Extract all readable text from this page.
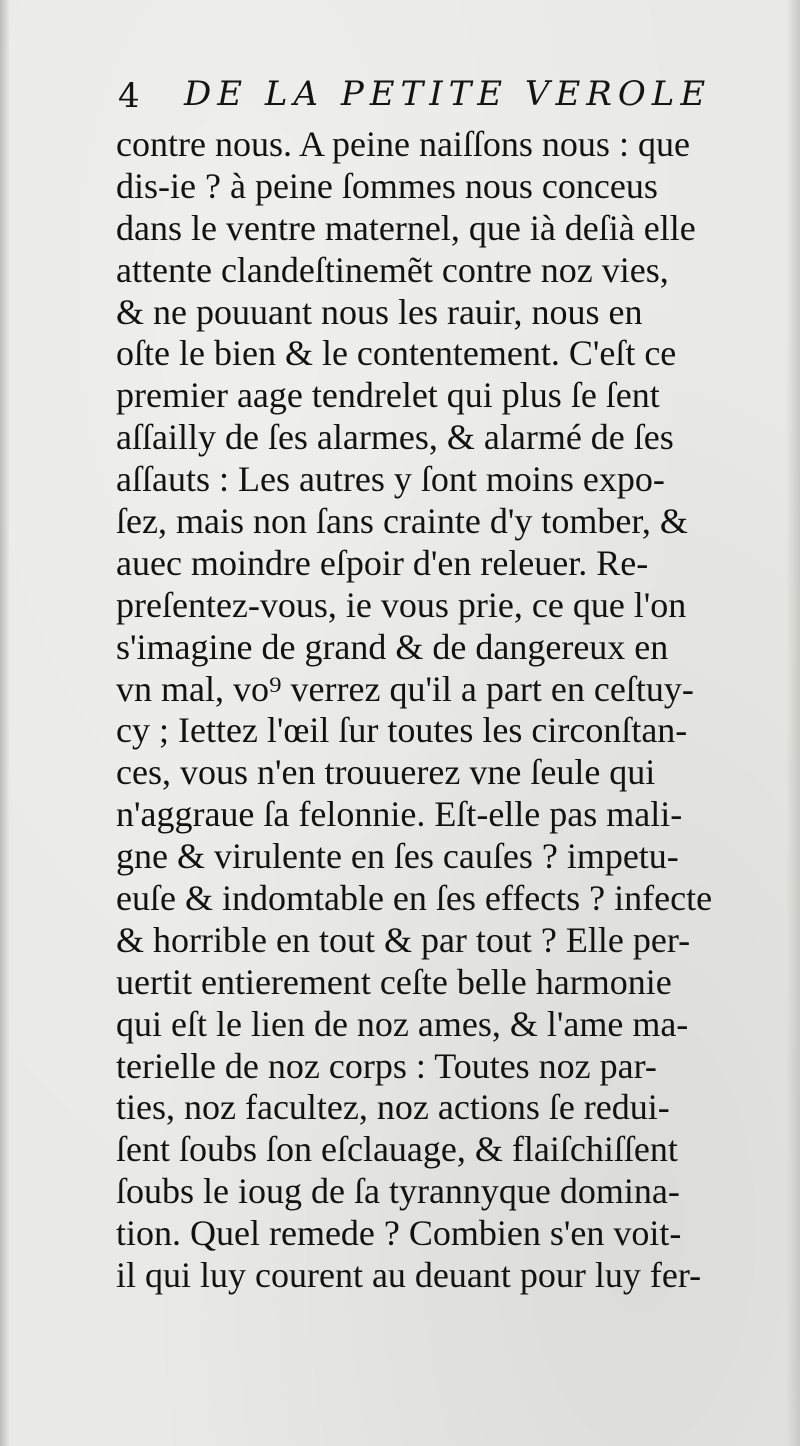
4 DE LA PETITE VEROLE
contre nous. A peine naiſſons nous : que
dis-ie ? à peine ſommes nous conceus
dans le ventre maternel, que ià deſià elle
attente clandeſtinemẽt contre noz vies,
& ne pouuant nous les rauir, nous en
oſte le bien & le contentement. C'eſt ce
premier aage tendrelet qui plus ſe ſent
aſſailly de ſes alarmes, & alarmé de ſes
aſſauts : Les autres y ſont moins expo-
ſez, mais non ſans crainte d'y tomber, &
auec moindre eſpoir d'en releuer. Re-
preſentez-vous, ie vous prie, ce que l'on
s'imagine de grand & de dangereux en
vn mal, vo⁹ verrez qu'il a part en ceſtuy-
cy ; Iettez l'œil ſur toutes les circonſtan-
ces, vous n'en trouuerez vne ſeule qui
n'aggraue ſa felonnie. Eſt-elle pas mali-
gne & virulente en ſes cauſes ? impetu-
euſe & indomtable en ſes effects ? infecte
& horrible en tout & par tout ? Elle per-
uertit entierement ceſte belle harmonie
qui eſt le lien de noz ames, & l'ame ma-
terielle de noz corps : Toutes noz par-
ties, noz facultez, noz actions ſe redui-
ſent ſoubs ſon eſclauage, & flaiſchiſſent
ſoubs le ioug de ſa tyrannyque domina-
tion. Quel remede ? Combien s'en voit-
il qui luy courent au deuant pour luy fer-
